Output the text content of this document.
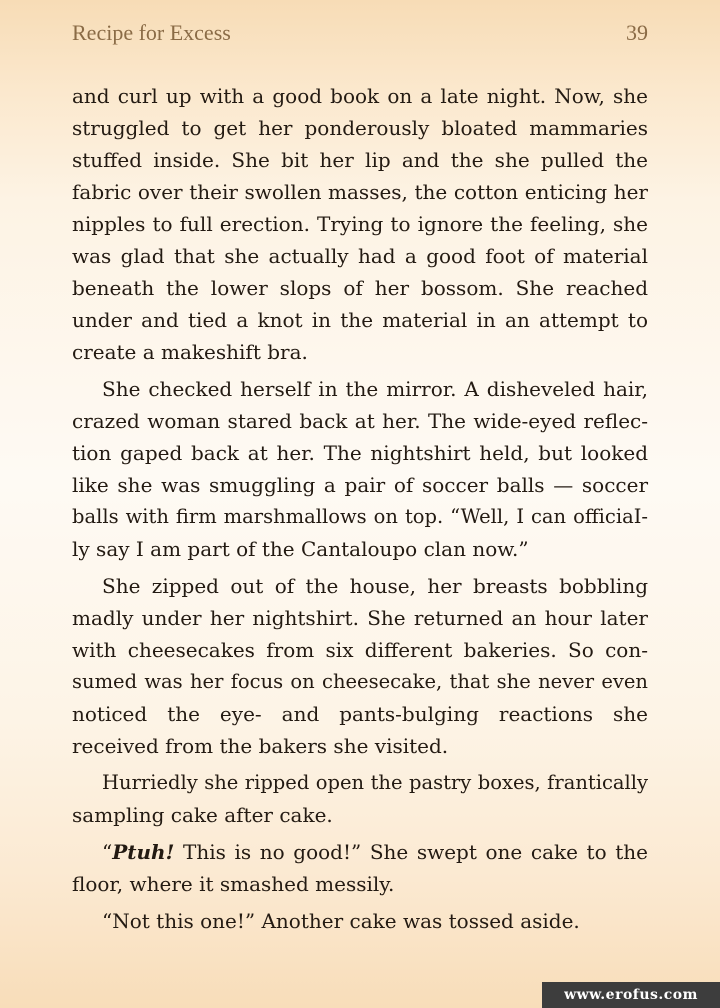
Recipe for Excess	39
and curl up with a good book on a late night. Now, she
struggled to get her ponderously bloated mammaries
stuffed inside. She bit her lip and the she pulled the
fabric over their swollen masses, the cotton enticing her
nipples to full erection. Trying to ignore the feeling, she
was glad that she actually had a good foot of material
beneath the lower slops of her bossom. She reached
under and tied a knot in the material in an attempt to
create a makeshift bra.
She checked herself in the mirror. A disheveled hair,
crazed woman stared back at her. The wide-eyed reflec-
tion gaped back at her. The nightshirt held, but looked
like she was smuggling a pair of soccer balls — soccer
balls with firm marshmallows on top. “Well, I can officiaI-
ly say I am part of the Cantaloupo clan now.”
She zipped out of the house, her breasts bobbling
madly under her nightshirt. She returned an hour later
with cheesecakes from six different bakeries. So con-
sumed was her focus on cheesecake, that she never even
noticed the eye- and pants-bulging reactions she
received from the bakers she visited.
Hurriedly she ripped open the pastry boxes, frantically
sampling cake after cake.
“Ptuh! This is no good!” She swept one cake to the
floor, where it smashed messily.
“Not this one!” Another cake was tossed aside.
www.erofus.com
